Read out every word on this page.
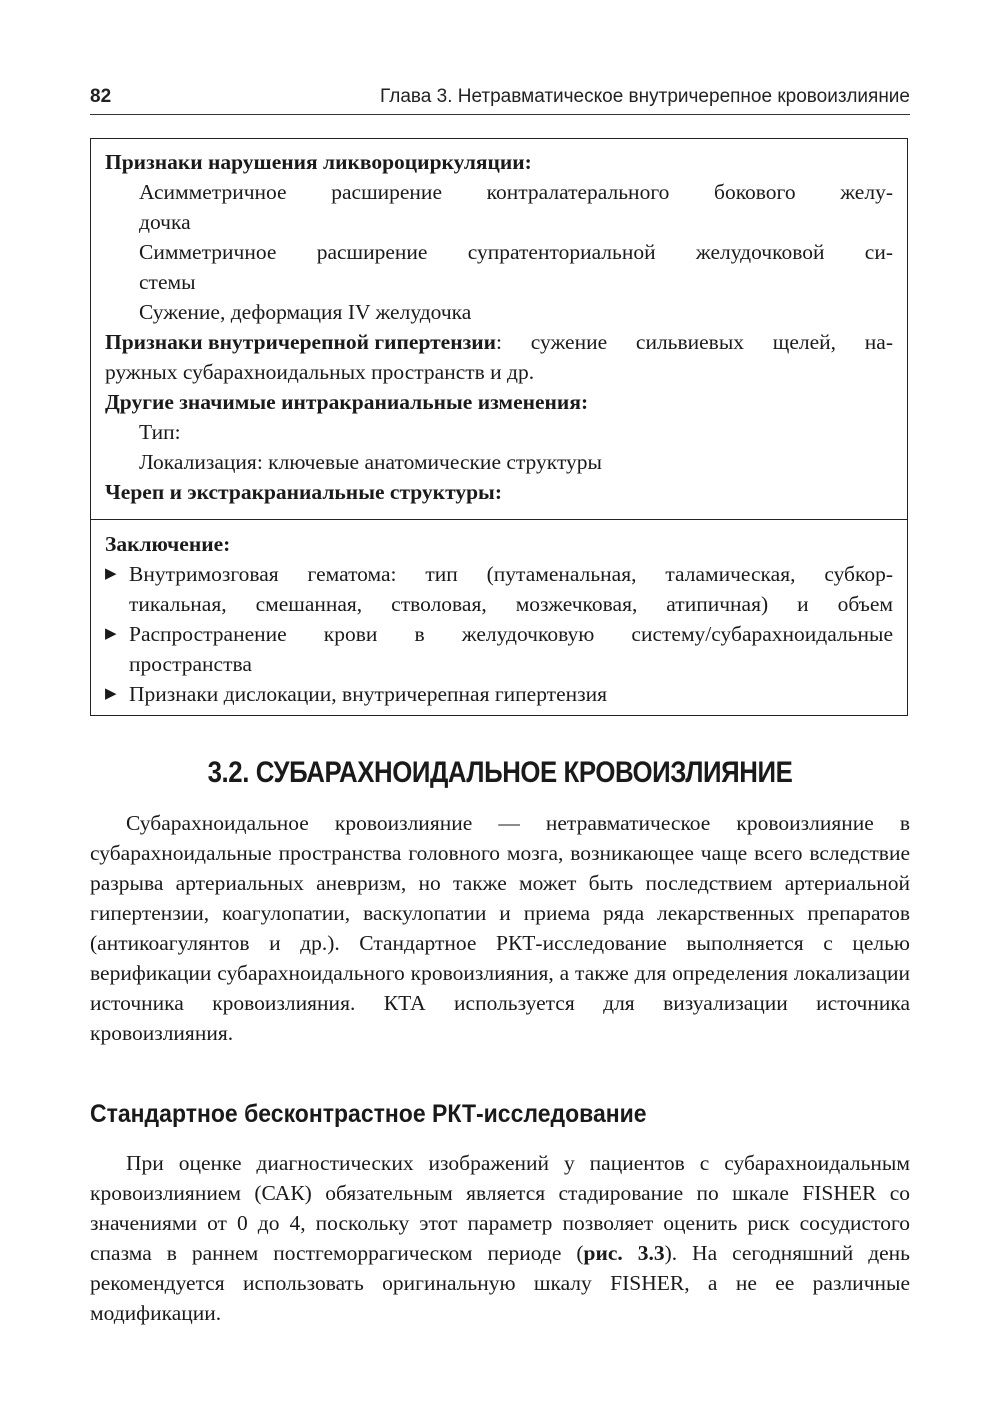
82	Глава 3. Нетравматическое внутричерепное кровоизлияние
Признаки нарушения ликвороциркуляции:
Асимметричное расширение контралатерального бокового желу-
дочка
Симметричное расширение супратенториальной желудочковой си-
стемы
Сужение, деформация IV желудочка
Признаки внутричерепной гипертензии : сужение сильвиевых щелей, на-
ружных субарахноидальных пространств и др.
Другие значимые интракраниальные изменения:
Тип:
Локализация: ключевые анатомические структуры
Череп и экстракраниальные структуры:
Заключение:
▶ Внутримозговая гематома: тип (путаменальная, таламическая, субкор-
тикальная, смешанная, стволовая, мозжечковая, атипичная) и объем
▶ Распространение крови в желудочковую систему/субарахноидальные
пространства
▶ Признаки дислокации, внутричерепная гипертензия
3.2. СУБАРАХНОИДАЛЬНОЕ КРОВОИЗЛИЯНИЕ
Субарахноидальное кровоизлияние — нетравматическое кровоизлияние в субарахноидальные пространства головного мозга, возникающее чаще всего вследствие разрыва артериальных аневризм, но также может быть последствием артериальной гипертензии, коагулопатии, васкулопатии и приема ряда лекарственных препаратов (антикоагулянтов и др.). Стандартное РКТ-исследование выполняется с целью верификации субарахноидального кровоизлияния, а также для определения локализации источника кровоизлияния. КТА используется для визуализации источника кровоизлияния.
Стандартное бесконтрастное РКТ-исследование
При оценке диагностических изображений у пациентов с субарахноидальным кровоизлиянием (САК) обязательным является стадирование по шкале FISHER со значениями от 0 до 4, поскольку этот параметр позволяет оценить риск сосудистого спазма в раннем постгеморрагическом периоде (рис. 3.3). На сегодняшний день рекомендуется использовать оригинальную шкалу FISHER, а не ее различные модификации.
